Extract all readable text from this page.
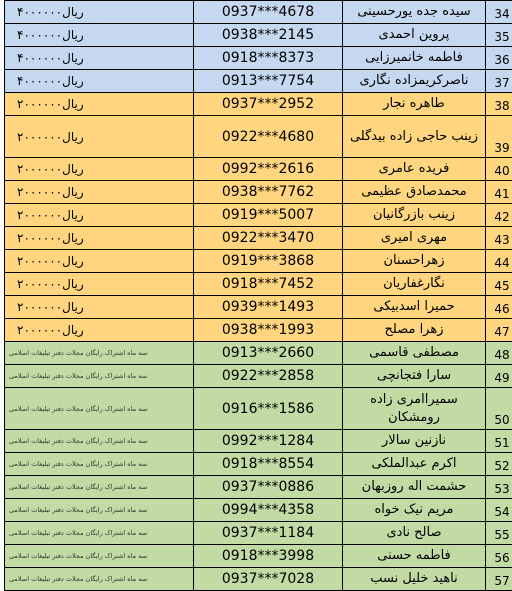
۴۰۰۰۰۰۰ریال	0937***4678	سیده جده یورحسینی	34
۴۰۰۰۰۰۰ریال	0938***2145	پروین احمدی	35
۴۰۰۰۰۰۰ریال	0918***8373	فاطمه خانمیرزایی	36
۴۰۰۰۰۰۰ریال	0913***7754	ناصرکریمزاده نگاری	37
۲۰۰۰۰۰۰ریال	0937***2952	طاهره نجار	38
۲۰۰۰۰۰۰ریال	0922***4680	زینب حاجی زاده بیدگلی	39
۲۰۰۰۰۰۰ریال	0992***2616	فریده عامری	40
۲۰۰۰۰۰۰ریال	0938***7762	محمدصادق عظیمی	41
۲۰۰۰۰۰۰ریال	0919***5007	زینب بازرگانیان	42
۲۰۰۰۰۰۰ریال	0922***3470	مهری امیری	43
۲۰۰۰۰۰۰ریال	0919***3868	زهراحسنان	44
۲۰۰۰۰۰۰ریال	0918***7452	نگارغفاریان	45
۲۰۰۰۰۰۰ریال	0939***1493	حمیرا اسدبیکی	46
۲۰۰۰۰۰۰ریال	0938***1993	زهرا مصلح	47
سه ماه اشتراک رایگان مجلات دفتر تبلیغات اسلامی	0913***2660	مصطفی قاسمی	48
سه ماه اشتراک رایگان مجلات دفتر تبلیغات اسلامی	0922***2858	سارا فتجانچی	49
سه ماه اشتراک رایگان مجلات دفتر تبلیغات اسلامی	0916***1586	سمیراامری زاده رومشکان	50
سه ماه اشتراک رایگان مجلات دفتر تبلیغات اسلامی	0992***1284	نازنین سالار	51
سه ماه اشتراک رایگان مجلات دفتر تبلیغات اسلامی	0918***8554	اکرم عبدالملکی	52
سه ماه اشتراک رایگان مجلات دفتر تبلیغات اسلامی	0937***0886	حشمت اله روزبهان	53
سه ماه اشتراک رایگان مجلات دفتر تبلیغات اسلامی	0994***4358	مریم نیک خواه	54
سه ماه اشتراک رایگان مجلات دفتر تبلیغات اسلامی	0937***1184	صالح نادی	55
سه ماه اشتراک رایگان مجلات دفتر تبلیغات اسلامی	0918***3998	فاطمه حسنی	56
سه ماه اشتراک رایگان مجلات دفتر تبلیغات اسلامی	0937***7028	ناهید خلیل نسب	57
